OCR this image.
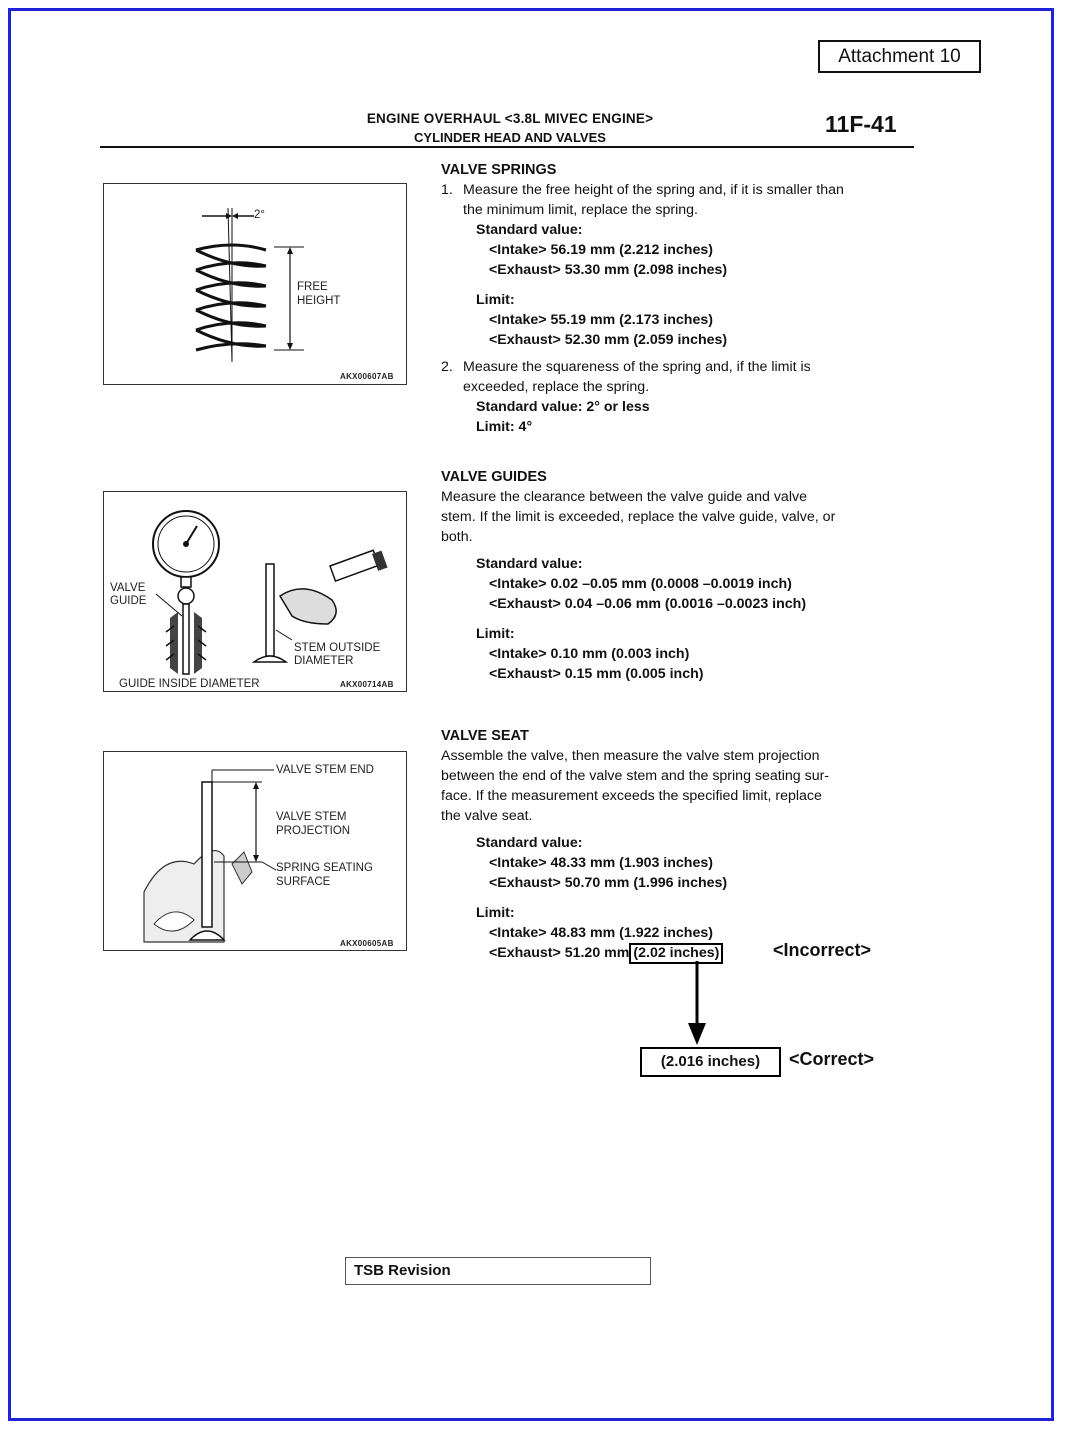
Attachment 10
ENGINE OVERHAUL <3.8L MIVEC ENGINE>
CYLINDER HEAD AND VALVES
11F-41
2°
FREE
HEIGHT
AKX00607AB
VALVE
GUIDE
STEM OUTSIDE
DIAMETER
GUIDE INSIDE DIAMETER	AKX00714AB
VALVE STEM END
VALVE STEM
PROJECTION
SPRING SEATING
SURFACE
AKX00605AB
VALVE SPRINGS
1. Measure the free height of the spring and, if it is smaller than
the minimum limit, replace the spring.
Standard value:
<Intake> 56.19 mm (2.212 inches)
<Exhaust> 53.30 mm (2.098 inches)
Limit:
<Intake> 55.19 mm (2.173 inches)
<Exhaust> 52.30 mm (2.059 inches)
2. Measure the squareness of the spring and, if the limit is
exceeded, replace the spring.
Standard value: 2° or less
Limit: 4°
VALVE GUIDES
Measure the clearance between the valve guide and valve
stem. If the limit is exceeded, replace the valve guide, valve, or
both.
Standard value:
<Intake> 0.02 –0.05 mm (0.0008 –0.0019 inch)
<Exhaust> 0.04 –0.06 mm (0.0016 –0.0023 inch)
Limit:
<Intake> 0.10 mm (0.003 inch)
<Exhaust> 0.15 mm (0.005 inch)
VALVE SEAT
Assemble the valve, then measure the valve stem projection
between the end of the valve stem and the spring seating sur-
face. If the measurement exceeds the specified limit, replace
the valve seat.
Standard value:
<Intake> 48.33 mm (1.903 inches)
<Exhaust> 50.70 mm (1.996 inches)
Limit:
<Intake> 48.83 mm (1.922 inches)
<Exhaust> 51.20 mm (2.02 inches)	<Incorrect>
(2.016 inches)	<Correct>
TSB Revision
